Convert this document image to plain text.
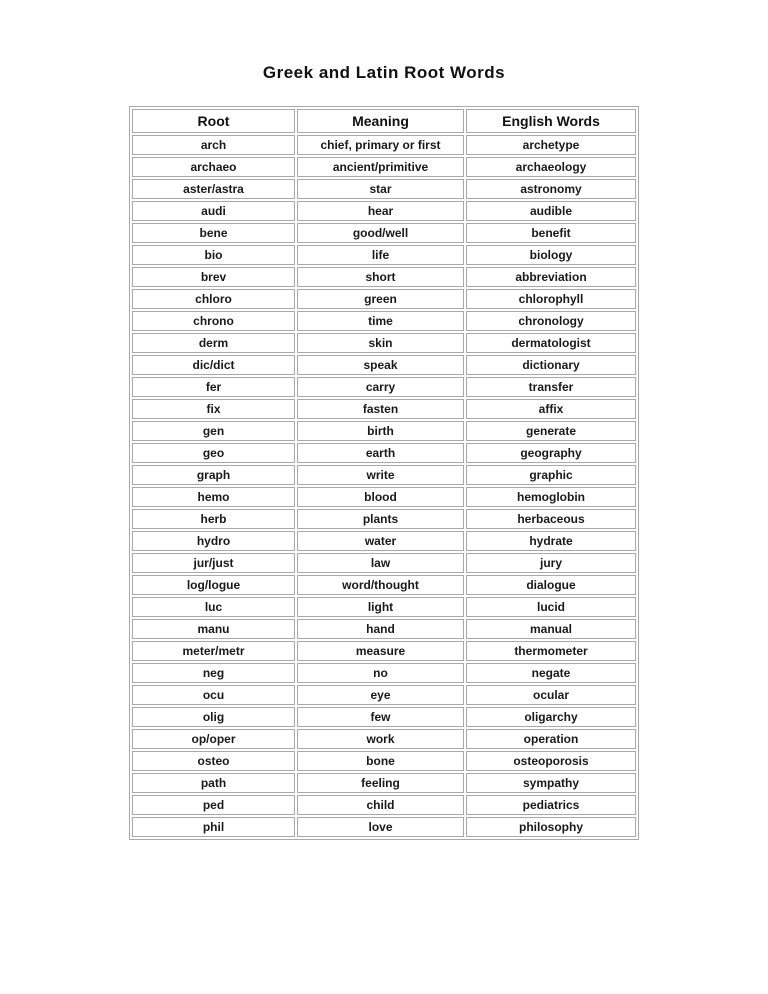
Greek and Latin Root Words
Root	Meaning	English Words
arch	chief, primary or first	archetype
archaeo	ancient/primitive	archaeology
aster/astra	star	astronomy
audi	hear	audible
bene	good/well	benefit
bio	life	biology
brev	short	abbreviation
chloro	green	chlorophyll
chrono	time	chronology
derm	skin	dermatologist
dic/dict	speak	dictionary
fer	carry	transfer
fix	fasten	affix
gen	birth	generate
geo	earth	geography
graph	write	graphic
hemo	blood	hemoglobin
herb	plants	herbaceous
hydro	water	hydrate
jur/just	law	jury
log/logue	word/thought	dialogue
luc	light	lucid
manu	hand	manual
meter/metr	measure	thermometer
neg	no	negate
ocu	eye	ocular
olig	few	oligarchy
op/oper	work	operation
osteo	bone	osteoporosis
path	feeling	sympathy
ped	child	pediatrics
phil	love	philosophy
